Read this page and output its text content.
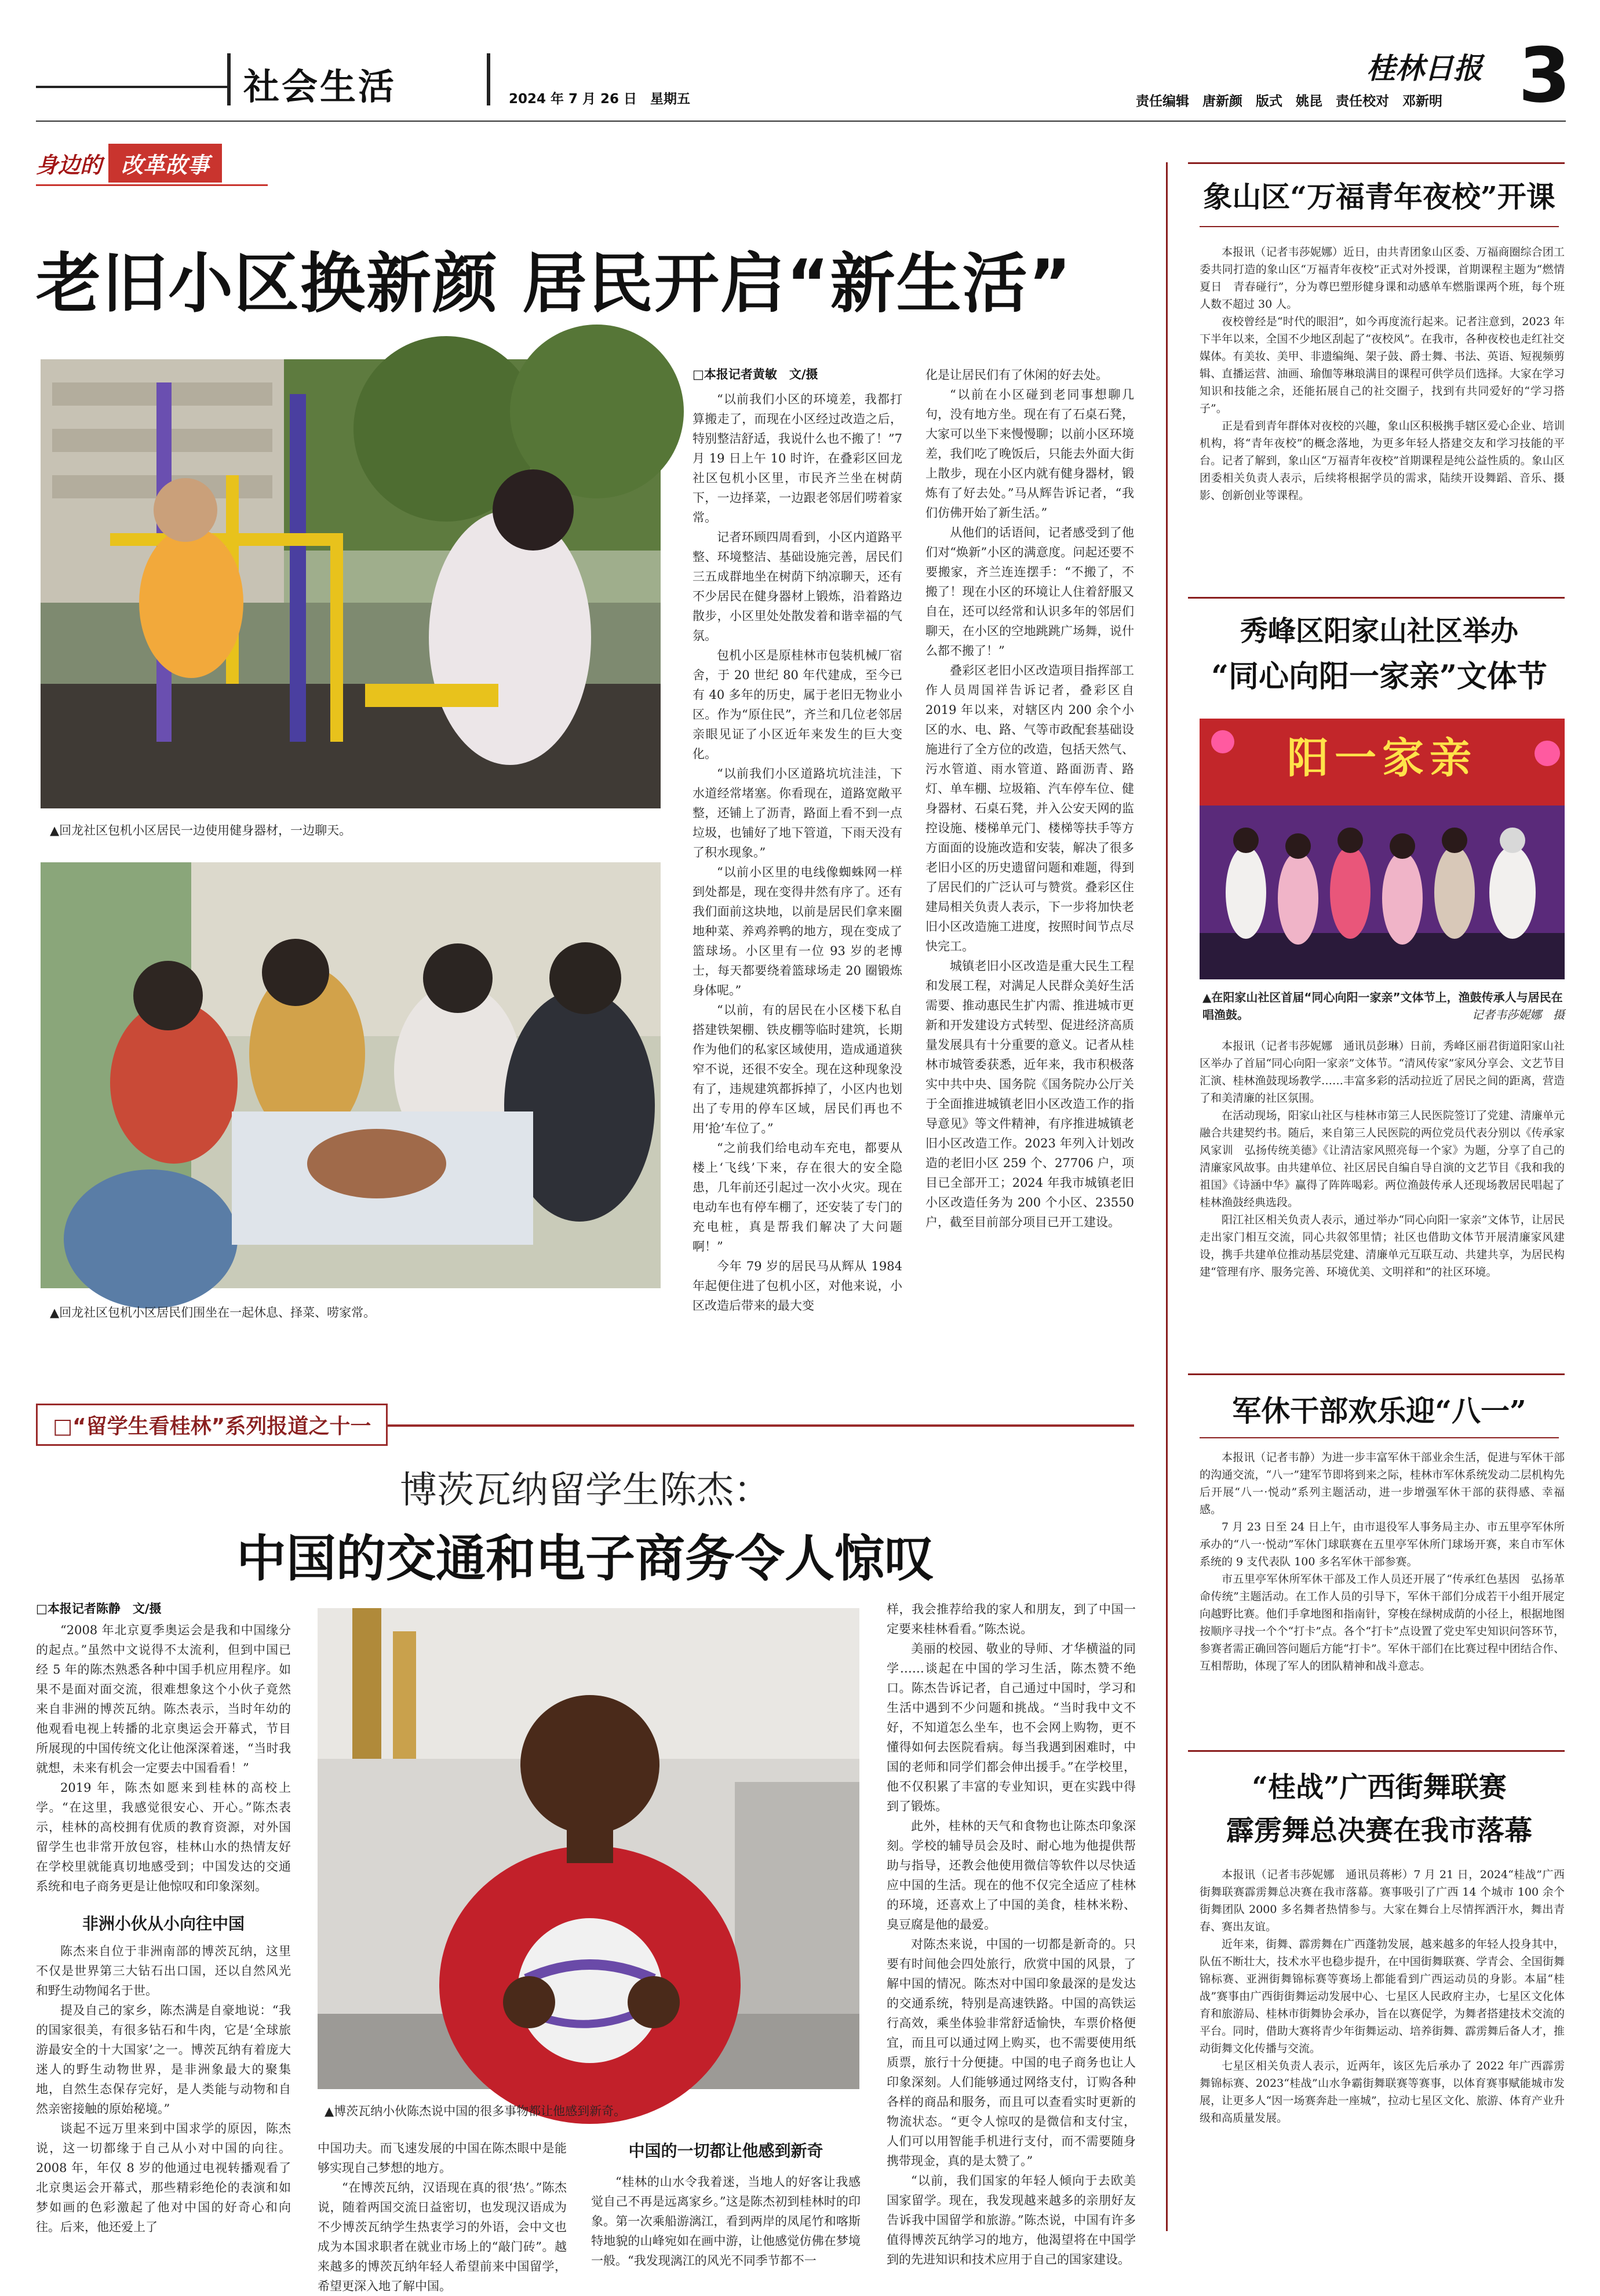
社会生活	2024 年 7 月 26 日　星期五
桂林日报
责任编辑　唐新颜　版式　姚昆　责任校对　邓新明 3
身边的 改革故事
老旧小区换新颜 居民开启“新生活”
▲回龙社区包机小区居民一边使用健身器材，一边聊天。
▲回龙社区包机小区居民们围坐在一起休息、择菜、唠家常。
□本报记者黄敏　文/摄

“以前我们小区的环境差，我都打算搬走了，而现在小区经过改造之后，特别整洁舒适，我说什么也不搬了！”7 月 19 日上午 10 时许，在叠彩区回龙社区包机小区里，市民齐兰坐在树荫下，一边择菜，一边跟老邻居们唠着家常。

记者环顾四周看到，小区内道路平整、环境整洁、基础设施完善，居民们三五成群地坐在树荫下纳凉聊天，还有不少居民在健身器材上锻炼，沿着路边散步，小区里处处散发着和谐幸福的气氛。

包机小区是原桂林市包装机械厂宿舍，于 20 世纪 80 年代建成，至今已有 40 多年的历史，属于老旧无物业小区。作为“原住民”，齐兰和几位老邻居亲眼见证了小区近年来发生的巨大变化。

“以前我们小区道路坑坑洼洼，下水道经常堵塞。你看现在，道路宽敞平整，还铺上了沥青，路面上看不到一点垃圾，也铺好了地下管道，下雨天没有了积水现象。”

“以前小区里的电线像蜘蛛网一样到处都是，现在变得井然有序了。还有我们面前这块地，以前是居民们拿来圈地种菜、养鸡养鸭的地方，现在变成了篮球场。小区里有一位 93 岁的老博士，每天都要绕着篮球场走 20 圈锻炼身体呢。”

“以前，有的居民在小区楼下私自搭建铁架棚、铁皮棚等临时建筑，长期作为他们的私家区域使用，造成通道狭窄不说，还很不安全。现在这种现象没有了，违规建筑都拆掉了，小区内也划出了专用的停车区域，居民们再也不用‘抢’车位了。”

“之前我们给电动车充电，都要从楼上‘飞线’下来，存在很大的安全隐患，几年前还引起过一次小火灾。现在电动车也有停车棚了，还安装了专门的充电桩，真是帮我们解决了大问题啊！”

今年 79 岁的居民马从辉从 1984 年起便住进了包机小区，对他来说，小区改造后带来的最大变

化是让居民们有了休闲的好去处。

“以前在小区碰到老同事想聊几句，没有地方坐。现在有了石桌石凳，大家可以坐下来慢慢聊；以前小区环境差，我们吃了晚饭后，只能去外面大街上散步，现在小区内就有健身器材，锻炼有了好去处。”马从辉告诉记者，“我们仿佛开始了新生活。”

从他们的话语间，记者感受到了他们对“焕新”小区的满意度。问起还要不要搬家，齐兰连连摆手：“不搬了，不搬了！现在小区的环境让人住着舒服又自在，还可以经常和认识多年的邻居们聊天，在小区的空地跳跳广场舞，说什么都不搬了！”

叠彩区老旧小区改造项目指挥部工作人员周国祥告诉记者，叠彩区自 2019 年以来，对辖区内 200 余个小区的水、电、路、气等市政配套基础设施进行了全方位的改造，包括天然气、污水管道、雨水管道、路面沥青、路灯、单车棚、垃圾箱、汽车停车位、健身器材、石桌石凳，并入公安天网的监控设施、楼梯单元门、楼梯等扶手等方方面面的设施改造和安装，解决了很多老旧小区的历史遗留问题和难题，得到了居民们的广泛认可与赞赏。叠彩区住建局相关负责人表示，下一步将加快老旧小区改造施工进度，按照时间节点尽快完工。

城镇老旧小区改造是重大民生工程和发展工程，对满足人民群众美好生活需要、推动惠民生扩内需、推进城市更新和开发建设方式转型、促进经济高质量发展具有十分重要的意义。记者从桂林市城管委获悉，近年来，我市积极落实中共中央、国务院《国务院办公厅关于全面推进城镇老旧小区改造工作的指导意见》等文件精神，有序推进城镇老旧小区改造工作。2023 年列入计划改造的老旧小区 259 个、27706 户，项目已全部开工；2024 年我市城镇老旧小区改造任务为 200 个小区、23550 户，截至目前部分项目已开工建设。

□“留学生看桂林”系列报道之十一
博茨瓦纳留学生陈杰：
中国的交通和电子商务令人惊叹
□本报记者陈静　文/摄

“2008 年北京夏季奥运会是我和中国缘分的起点。”虽然中文说得不太流利，但到中国已经 5 年的陈杰熟悉各种中国手机应用程序。如果不是面对面交流，很难想象这个小伙子竟然来自非洲的博茨瓦纳。陈杰表示，当时年幼的他观看电视上转播的北京奥运会开幕式，节目所展现的中国传统文化让他深深着迷，“当时我就想，未来有机会一定要去中国看看！”

2019 年，陈杰如愿来到桂林的高校上学。“在这里，我感觉很安心、开心。”陈杰表示，桂林的高校拥有优质的教育资源，对外国留学生也非常开放包容，桂林山水的热情友好在学校里就能真切地感受到；中国发达的交通系统和电子商务更是让他惊叹和印象深刻。

非洲小伙从小向往中国

陈杰来自位于非洲南部的博茨瓦纳，这里不仅是世界第三大钻石出口国，还以自然风光和野生动物闻名于世。

提及自己的家乡，陈杰满是自豪地说：“我的国家很美，有很多钻石和牛肉，它是‘全球旅游最安全的十大国家’之一。博茨瓦纳有着庞大迷人的野生动物世界，是非洲象最大的聚集地，自然生态保存完好，是人类能与动物和自然亲密接触的原始秘境。”

谈起不远万里来到中国求学的原因，陈杰说，这一切都缘于自己从小对中国的向往。2008 年，年仅 8 岁的他通过电视转播观看了北京奥运会开幕式，那些精彩绝伦的表演和如梦如画的色彩激起了他对中国的好奇心和向往。后来，他还爱上了

▲博茨瓦纳小伙陈杰说中国的很多事物都让他感到新奇。

中国功夫。而飞速发展的中国在陈杰眼中是能够实现自己梦想的地方。

“在博茨瓦纳，汉语现在真的很‘热’。”陈杰说，随着两国交流日益密切，也发现汉语成为不少博茨瓦纳学生热衷学习的外语，会中文也成为本国求职者在就业市场上的“敲门砖”。越来越多的博茨瓦纳年轻人希望前来中国留学，希望更深入地了解中国。

中国的一切都让他感到新奇

“桂林的山水令我着迷，当地人的好客让我感觉自己不再是远离家乡。”这是陈杰初到桂林时的印象。第一次乘船游漓江，看到两岸的凤尾竹和喀斯特地貌的山峰宛如在画中游，让他感觉仿佛在梦境一般。“我发现漓江的风光不同季节都不一

样，我会推荐给我的家人和朋友，到了中国一定要来桂林看看。”陈杰说。

美丽的校园、敬业的导师、才华横溢的同学……谈起在中国的学习生活，陈杰赞不绝口。陈杰告诉记者，自己通过中国时，学习和生活中遇到不少问题和挑战。“当时我中文不好，不知道怎么坐车，也不会网上购物，更不懂得如何去医院看病。每当我遇到困难时，中国的老师和同学们都会伸出援手。”在学校里，他不仅积累了丰富的专业知识，更在实践中得到了锻炼。

此外，桂林的天气和食物也让陈杰印象深刻。学校的辅导员会及时、耐心地为他提供帮助与指导，还教会他使用微信等软件以尽快适应中国的生活。现在的他不仅完全适应了桂林的环境，还喜欢上了中国的美食，桂林米粉、臭豆腐是他的最爱。

对陈杰来说，中国的一切都是新奇的。只要有时间他会四处旅行，欣赏中国的风景，了解中国的情况。陈杰对中国印象最深的是发达的交通系统，特别是高速铁路。中国的高铁运行高效，乘坐体验非常舒适愉快，车票价格便宜，而且可以通过网上购买，也不需要使用纸质票，旅行十分便捷。中国的电子商务也让人印象深刻。人们能够通过网络支付，订购各种各样的商品和服务，而且可以查看实时更新的物流状态。“更令人惊叹的是微信和支付宝，人们可以用智能手机进行支付，而不需要随身携带现金，真的是太赞了。”

“以前，我们国家的年轻人倾向于去欧美国家留学。现在，我发现越来越多的亲朋好友告诉我中国留学和旅游。”陈杰说，中国有许多值得博茨瓦纳学习的地方，他渴望将在中国学到的先进知识和技术应用于自己的国家建设。

象山区“万福青年夜校”开课

本报讯（记者韦莎妮娜）近日，由共青团象山区委、万福商圈综合团工委共同打造的象山区“万福青年夜校”正式对外授课，首期课程主题为“燃情夏日　青春碰行”，分为尊巴塑形健身课和动感单车燃脂课两个班，每个班人数不超过 30 人。

夜校曾经是“时代的眼泪”，如今再度流行起来。记者注意到，2023 年下半年以来，全国不少地区刮起了“夜校风”。在我市，各种夜校也走红社交媒体。有美妆、美甲、非遗编绳、架子鼓、爵士舞、书法、英语、短视频剪辑、直播运营、油画、瑜伽等琳琅满目的课程可供学员们选择。大家在学习知识和技能之余，还能拓展自己的社交圈子，找到有共同爱好的“学习搭子”。

正是看到青年群体对夜校的兴趣，象山区积极携手辖区爱心企业、培训机构，将“青年夜校”的概念落地，为更多年轻人搭建交友和学习技能的平台。记者了解到，象山区“万福青年夜校”首期课程是纯公益性质的。象山区团委相关负责人表示，后续将根据学员的需求，陆续开设舞蹈、音乐、摄影、创新创业等课程。

秀峰区阳家山社区举办
“同心向阳一家亲”文体节
阳一家亲
▲在阳家山社区首届“同心向阳一家亲”文体节上，渔鼓传承人与居民在唱渔鼓。	记者韦莎妮娜　摄

本报讯（记者韦莎妮娜　通讯员彭琳）日前，秀峰区丽君街道阳家山社区举办了首届“同心向阳一家亲”文体节。“清风传家”家风分享会、文艺节目汇演、桂林渔鼓现场教学……丰富多彩的活动拉近了居民之间的距离，营造了和美清廉的社区氛围。

在活动现场，阳家山社区与桂林市第三人民医院签订了党建、清廉单元融合共建契约书。随后，来自第三人民医院的两位党员代表分别以《传承家风家训　弘扬传统美德》《让清洁家风照亮每一个家》为题，分享了自己的清廉家风故事。由共建单位、社区居民自编自导自演的文艺节目《我和我的祖国》《诗涵中华》赢得了阵阵喝彩。两位渔鼓传承人还现场教居民唱起了桂林渔鼓经典选段。

阳江社区相关负责人表示，通过举办“同心向阳一家亲”文体节，让居民走出家门相互交流，同心共叙邻里情；社区也借助文体节开展清廉家风建设，携手共建单位推动基层党建、清廉单元互联互动、共建共享，为居民构建“管理有序、服务完善、环境优美、文明祥和”的社区环境。

军休干部欢乐迎“八一”

本报讯（记者韦静）为进一步丰富军休干部业余生活，促进与军休干部的沟通交流，“八一”建军节即将到来之际，桂林市军休系统发动二层机构先后开展“八一·悦动”系列主题活动，进一步增强军休干部的获得感、幸福感。

7 月 23 日至 24 日上午，由市退役军人事务局主办、市五里亭军休所承办的“八一·悦动”军休门球联赛在五里亭军休所门球场开赛，来自市军休系统的 9 支代表队 100 多名军休干部参赛。

市五里亭军休所军休干部及工作人员还开展了“传承红色基因　弘扬革命传统”主题活动。在工作人员的引导下，军休干部们分成若干小组开展定向越野比赛。他们手拿地图和指南针，穿梭在绿树成荫的小径上，根据地图按顺序寻找一个个“打卡”点。各个“打卡”点设置了党史军史知识问答环节，参赛者需正确回答问题后方能“打卡”。军休干部们在比赛过程中团结合作、互相帮助，体现了军人的团队精神和战斗意志。

“桂战”广西街舞联赛
霹雳舞总决赛在我市落幕

本报讯（记者韦莎妮娜　通讯员蒋彬）7 月 21 日，2024“桂战”广西街舞联赛霹雳舞总决赛在我市落幕。赛事吸引了广西 14 个城市 100 余个街舞团队 2000 多名舞者热情参与。大家在舞台上尽情挥洒汗水，舞出青春、赛出友谊。

近年来，街舞、霹雳舞在广西蓬勃发展，越来越多的年轻人投身其中，队伍不断壮大，技术水平也稳步提升，在中国街舞联赛、学青会、全国街舞锦标赛、亚洲街舞锦标赛等赛场上都能看到广西运动员的身影。本届“桂战”赛事由广西街街舞运动发展中心、七星区人民政府主办，七星区文化体育和旅游局、桂林市街舞协会承办，旨在以赛促学，为舞者搭建技术交流的平台。同时，借助大赛将青少年街舞运动、培养街舞、霹雳舞后备人才，推动街舞文化传播与交流。

七星区相关负责人表示，近两年，该区先后承办了 2022 年广西霹雳舞锦标赛、2023“桂战”山水争霸街舞联赛等赛事，以体育赛事赋能城市发展，让更多人“因一场赛奔赴一座城”，拉动七星区文化、旅游、体育产业升级和高质量发展。
